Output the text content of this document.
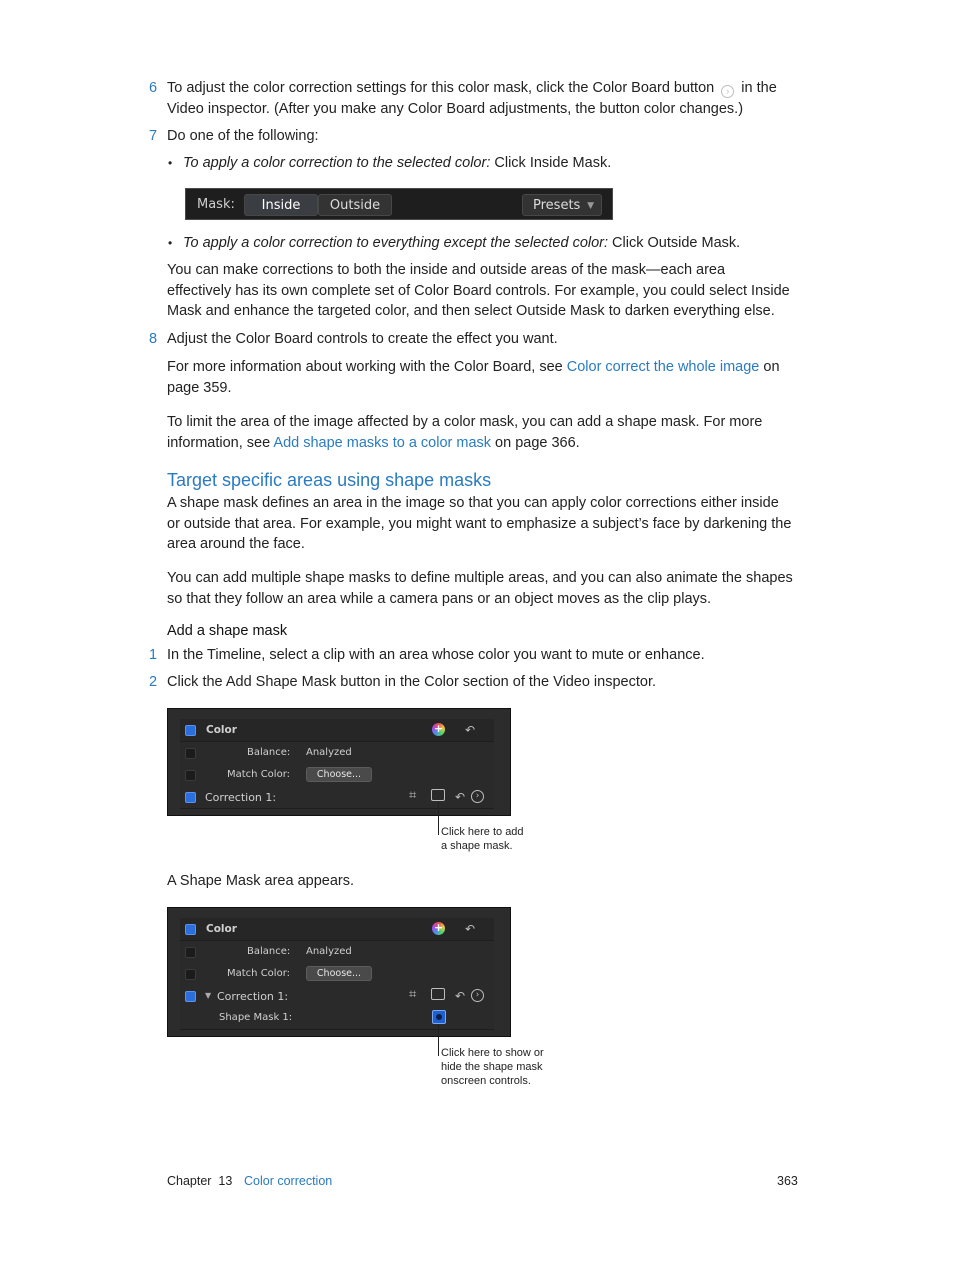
6 To adjust the color correction settings for this color mask, click the Color Board button › in the
Video inspector. (After you make any Color Board adjustments, the button color changes.)
7 Do one of the following:
• To apply a color correction to the selected color: Click Inside Mask.
Mask:	Inside	Outside	Presets ▼
• To apply a color correction to everything except the selected color: Click Outside Mask.
You can make corrections to both the inside and outside areas of the mask—each area
effectively has its own complete set of Color Board controls. For example, you could select Inside
Mask and enhance the targeted color, and then select Outside Mask to darken everything else.
8 Adjust the Color Board controls to create the effect you want.
For more information about working with the Color Board, see Color correct the whole image on
page 359.
To limit the area of the image affected by a color mask, you can add a shape mask. For more
information, see Add shape masks to a color mask on page 366.
Target specific areas using shape masks
A shape mask defines an area in the image so that you can apply color corrections either inside
or outside that area. For example, you might want to emphasize a subject’s face by darkening the
area around the face.
You can add multiple shape masks to define multiple areas, and you can also animate the shapes
so that they follow an area while a camera pans or an object moves as the clip plays.
Add a shape mask
1 In the Timeline, select a clip with an area whose color you want to mute or enhance.
2 Click the Add Shape Mask button in the Color section of the Video inspector.
Color	+ ↶
Balance: Analyzed
Match Color:	Choose...
Correction 1:	⌗	↶	›
Click here to add
a shape mask.
A Shape Mask area appears.
Color	+ ↶
Balance: Analyzed
Match Color:	Choose...
▼ Correction 1:	⌗	↶	›
Shape Mask 1:
Click here to show or
hide the shape mask
onscreen controls.
Chapter  13 Color correction	363
